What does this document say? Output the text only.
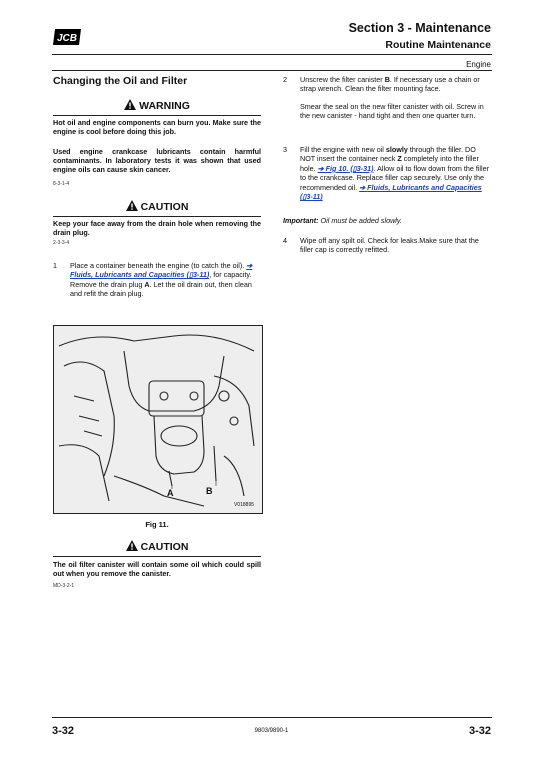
JCB
Section 3 - Maintenance
Routine Maintenance
Engine
Changing the Oil and Filter
WARNING
Hot oil and engine components can burn you. Make sure the engine is cool before doing this job.
Used engine crankcase lubricants contain harmful contaminants. In laboratory tests it was shown that used engine oils can cause skin cancer.
8-3-1-4
CAUTION
Keep your face away from the drain hole when removing the drain plug.
2-3-3-4
1 Place a container beneath the engine (to catch the oil). ➔ Fluids, Lubricants and Capacities (▯3-11), for capacity. Remove the drain plug A. Let the oil drain out, then clean and refit the drain plug.
A	B
V018895
Fig 11.
CAUTION
The oil filter canister will contain some oil which could spill out when you remove the canister.
MD-3-2-1
2 Unscrew the filter canister B. If necessary use a chain or strap wrench. Clean the filter mounting face.
Smear the seal on the new filter canister with oil. Screw in the new canister - hand tight and then one quarter turn.
3 Fill the engine with new oil slowly through the filler. DO NOT insert the container neck Z completely into the filler hole. ➔ Fig 10. (▯3-31). Allow oil to flow down from the filler to the crankcase. Replace filler cap securely. Use only the recommended oil. ➔ Fluids, Lubricants and Capacities (▯3-11)
Important: Oil must be added slowly.
4 Wipe off any spilt oil. Check for leaks.Make sure that the filler cap is correctly refitted.
3-32	9803/9890-1	3-32
